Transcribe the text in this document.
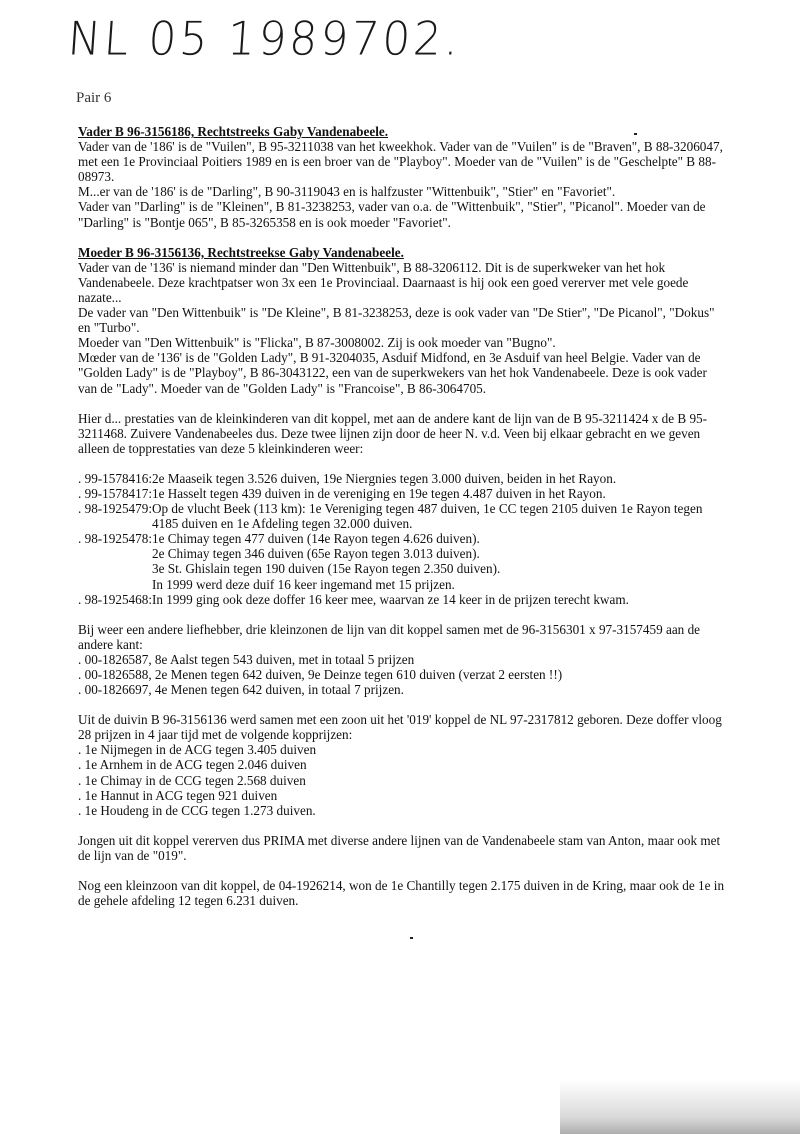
NL 05 1989702.
Pair 6

Vader B 96-3156186, Rechtstreeks Gaby Vandenabeele.

Vader van de '186' is de "Vuilen", B 95-3211038 van het kweekhok. Vader van de "Vuilen" is de "Braven", B 88-3206047, met een 1e Provinciaal Poitiers 1989 en is een broer van de "Playboy". Moeder van de "Vuilen" is de "Geschelpte" B 88-08973.

M...er van de '186' is de "Darling", B 90-3119043 en is halfzuster "Wittenbuik", "Stier" en "Favoriet".

Vader van "Darling" is de "Kleinen", B 81-3238253, vader van o.a. de "Wittenbuik", "Stier", "Picanol". Moeder van de "Darling" is "Bontje 065", B 85-3265358 en is ook moeder "Favoriet".

Moeder B 96-3156136, Rechtstreekse Gaby Vandenabeele.

Vader van de '136' is niemand minder dan "Den Wittenbuik", B 88-3206112. Dit is de superkweker van het hok Vandenabeele. Deze krachtpatser won 3x een 1e Provinciaal. Daarnaast is hij ook een goed vererver met vele goede nazate...

De vader van "Den Wittenbuik" is "De Kleine", B 81-3238253, deze is ook vader van "De Stier", "De Picanol", "Dokus" en "Turbo".

Moeder van "Den Wittenbuik" is "Flicka", B 87-3008002. Zij is ook moeder van "Bugno".

Mœder van de '136' is de "Golden Lady", B 91-3204035, Asduif Midfond, en 3e Asduif van heel Belgie. Vader van de "Golden Lady" is de "Playboy", B 86-3043122, een van de superkwekers van het hok Vandenabeele. Deze is ook vader van de "Lady". Moeder van de "Golden Lady" is "Francoise", B 86-3064705.

Hier d... prestaties van de kleinkinderen van dit koppel, met aan de andere kant de lijn van de B 95-3211424 x de B 95-3211468. Zuivere Vandenabeeles dus. Deze twee lijnen zijn door de heer N. v.d. Veen bij elkaar gebracht en we geven alleen de topprestaties van deze 5 kleinkinderen weer:

. 99-1578416: 2e Maaseik tegen 3.526 duiven, 19e Niergnies tegen 3.000 duiven, beiden in het Rayon.
. 99-1578417: 1e Hasselt tegen 439 duiven in de vereniging en 19e tegen 4.487 duiven in het Rayon.
. 98-1925479: Op de vlucht Beek (113 km): 1e Vereniging tegen 487 duiven, 1e CC tegen 2105 duiven 1e Rayon tegen 4185 duiven en 1e Afdeling tegen 32.000 duiven.
. 98-1925478: 1e Chimay tegen 477 duiven (14e Rayon tegen 4.626 duiven).
2e Chimay tegen 346 duiven (65e Rayon tegen 3.013 duiven).
3e St. Ghislain tegen 190 duiven (15e Rayon tegen 2.350 duiven).
In 1999 werd deze duif 16 keer ingemand met 15 prijzen.
. 98-1925468: In 1999 ging ook deze doffer 16 keer mee, waarvan ze 14 keer in de prijzen terecht kwam.

Bij weer een andere liefhebber, drie kleinzonen de lijn van dit koppel samen met de 96-3156301 x 97-3157459 aan de andere kant:

. 00-1826587, 8e Aalst tegen 543 duiven, met in totaal 5 prijzen

. 00-1826588, 2e Menen tegen 642 duiven, 9e Deinze tegen 610 duiven (verzat 2 eersten !!)

. 00-1826697, 4e Menen tegen 642 duiven, in totaal 7 prijzen.

Uit de duivin B 96-3156136 werd samen met een zoon uit het '019' koppel de NL 97-2317812 geboren. Deze doffer vloog 28 prijzen in 4 jaar tijd met de volgende kopprijzen:

. 1e Nijmegen in de ACG tegen 3.405 duiven

. 1e Arnhem in de ACG tegen 2.046 duiven

. 1e Chimay in de CCG tegen 2.568 duiven

. 1e Hannut in ACG tegen 921 duiven

. 1e Houdeng in de CCG tegen 1.273 duiven.

Jongen uit dit koppel vererven dus PRIMA met diverse andere lijnen van de Vandenabeele stam van Anton, maar ook met de lijn van de "019".

Nog een kleinzoon van dit koppel, de 04-1926214, won de 1e Chantilly tegen 2.175 duiven in de Kring, maar ook de 1e in de gehele afdeling 12 tegen 6.231 duiven.
